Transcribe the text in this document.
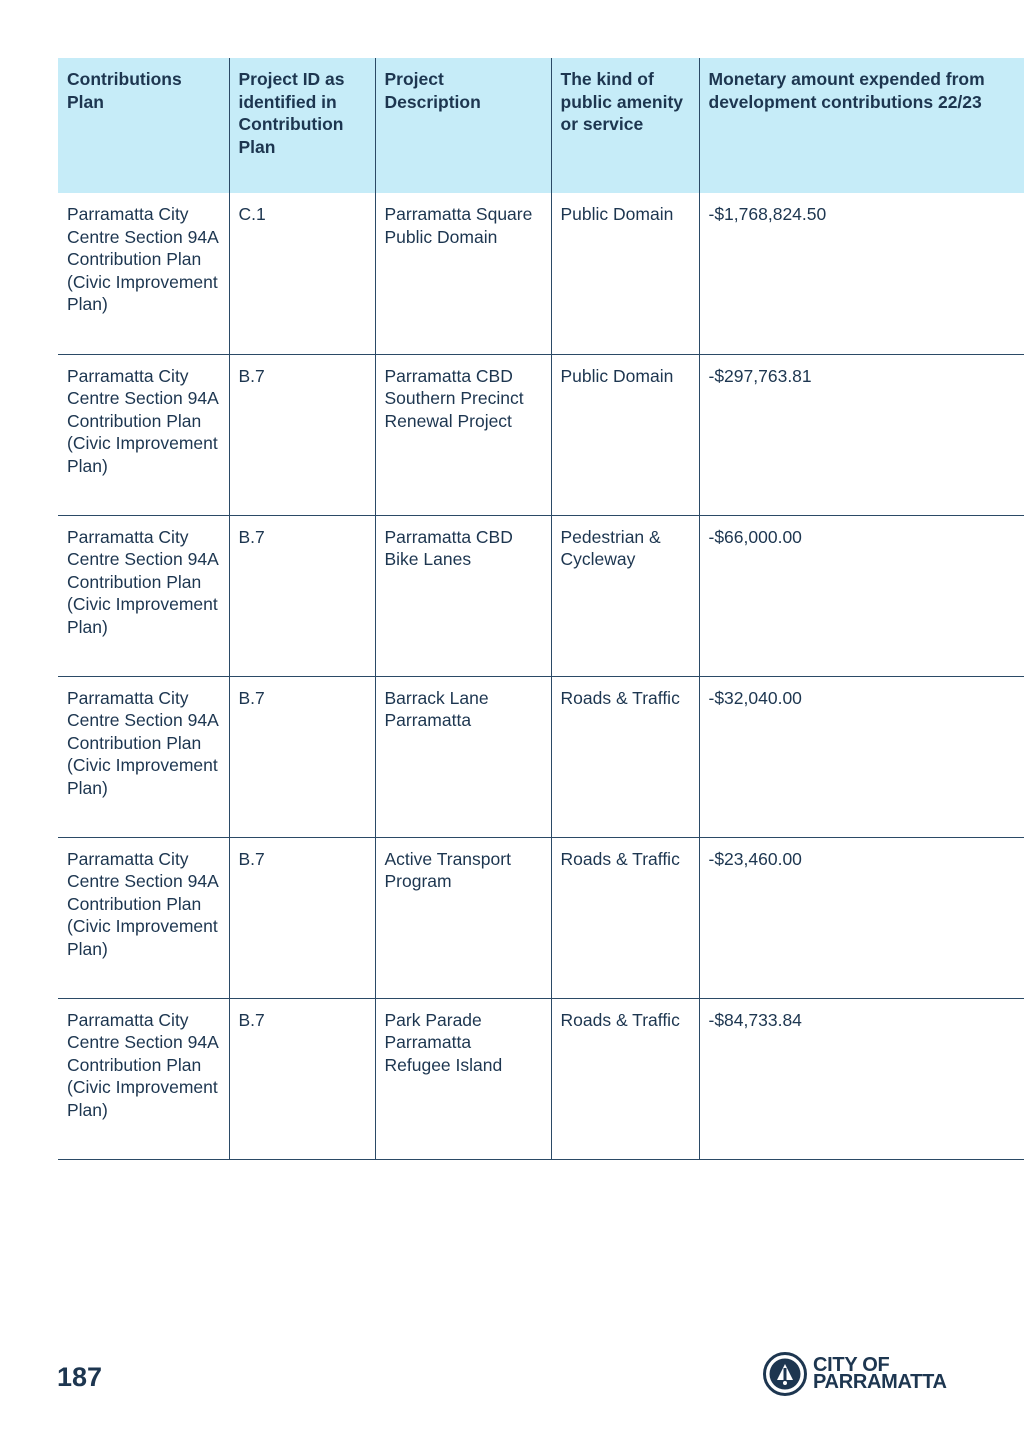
Contributions Plan	Project ID as identified in Contribution Plan	Project Description	The kind of public amenity or service	Monetary amount expended from development contributions 22/23
Parramatta City Centre Section 94A Contribution Plan (Civic Improvement Plan)	C.1	Parramatta Square Public Domain	Public Domain	-$1,768,824.50
Parramatta City Centre Section 94A Contribution Plan (Civic Improvement Plan)	B.7	Parramatta CBD Southern Precinct Renewal Project	Public Domain	-$297,763.81
Parramatta City Centre Section 94A Contribution Plan (Civic Improvement Plan)	B.7	Parramatta CBD Bike Lanes	Pedestrian & Cycleway	-$66,000.00
Parramatta City Centre Section 94A Contribution Plan (Civic Improvement Plan)	B.7	Barrack Lane Parramatta	Roads & Traffic	-$32,040.00
Parramatta City Centre Section 94A Contribution Plan (Civic Improvement Plan)	B.7	Active Transport Program	Roads & Traffic	-$23,460.00
Parramatta City Centre Section 94A Contribution Plan (Civic Improvement Plan)	B.7	Park Parade Parramatta Refugee Island	Roads & Traffic	-$84,733.84
187	CITY OF
PARRAMATTA
